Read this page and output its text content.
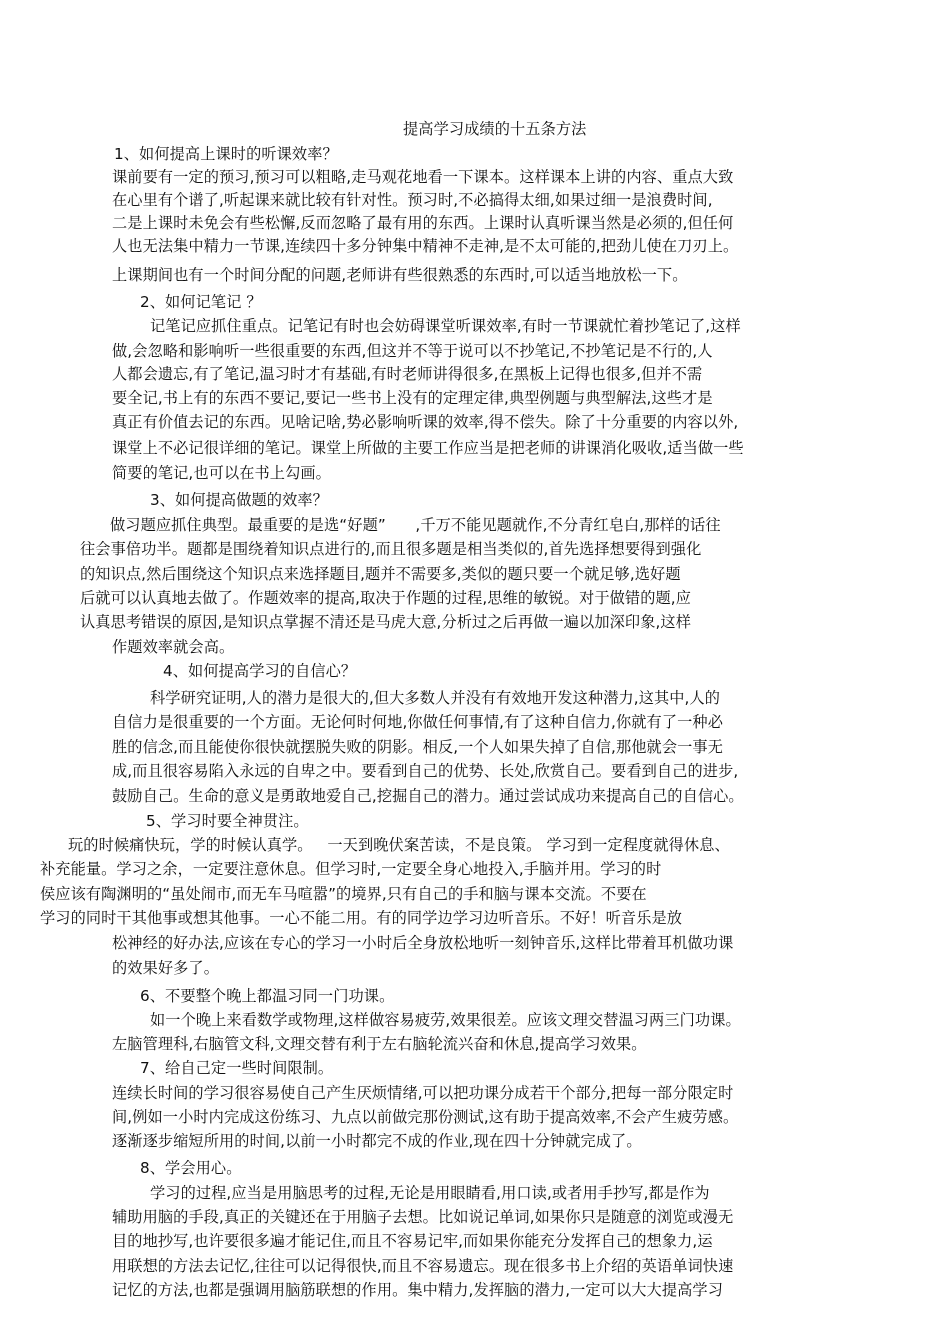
提高学习成绩的十五条方法
1、如何提高上课时的听课效率？
课前要有一定的预习,预习可以粗略,走马观花地看一下课本。这样课本上讲的内容、重点大致
在心里有个谱了,听起课来就比较有针对性。预习时,不必搞得太细,如果过细一是浪费时间,
二是上课时未免会有些松懈,反而忽略了最有用的东西。上课时认真听课当然是必须的,但任何
人也无法集中精力一节课,连续四十多分钟集中精神不走神,是不太可能的,把劲儿使在刀刃上。
上课期间也有一个时间分配的问题,老师讲有些很熟悉的东西时,可以适当地放松一下。
2、如何记笔记 ？
记笔记应抓住重点。记笔记有时也会妨碍课堂听课效率,有时一节课就忙着抄笔记了,这样
做,会忽略和影响听一些很重要的东西,但这并不等于说可以不抄笔记,不抄笔记是不行的,人
人都会遗忘,有了笔记,温习时才有基础,有时老师讲得很多,在黑板上记得也很多,但并不需
要全记,书上有的东西不要记,要记一些书上没有的定理定律,典型例题与典型解法,这些才是
真正有价值去记的东西。见啥记啥,势必影响听课的效率,得不偿失。除了十分重要的内容以外,
课堂上不必记很详细的笔记。课堂上所做的主要工作应当是把老师的讲课消化吸收,适当做一些
简要的笔记,也可以在书上勾画。
3、如何提高做题的效率？
做习题应抓住典型。最重要的是选“好题”      ,千万不能见题就作,不分青红皂白,那样的话往
往会事倍功半。题都是围绕着知识点进行的,而且很多题是相当类似的,首先选择想要得到强化
的知识点,然后围绕这个知识点来选择题目,题并不需要多,类似的题只要一个就足够,选好题
后就可以认真地去做了。作题效率的提高,取决于作题的过程,思维的敏锐。对于做错的题,应
认真思考错误的原因,是知识点掌握不清还是马虎大意,分析过之后再做一遍以加深印象,这样
作题效率就会高。
4、如何提高学习的自信心？
科学研究证明,人的潜力是很大的,但大多数人并没有有效地开发这种潜力,这其中,人的
自信力是很重要的一个方面。无论何时何地,你做任何事情,有了这种自信力,你就有了一种必
胜的信念,而且能使你很快就摆脱失败的阴影。相反,一个人如果失掉了自信,那他就会一事无
成,而且很容易陷入永远的自卑之中。要看到自己的优势、长处,欣赏自己。要看到自己的进步,
鼓励自己。生命的意义是勇敢地爱自己,挖掘自己的潜力。通过尝试成功来提高自己的自信心。
5、学习时要全神贯注。
玩的时候痛快玩，学的时候认真学。   一天到晚伏案苦读，不是良策。 学习到一定程度就得休息、
补充能量。学习之余，一定要注意休息。但学习时,一定要全身心地投入,手脑并用。学习的时
侯应该有陶渊明的“虽处闹市,而无车马喧嚣”的境界,只有自己的手和脑与课本交流。不要在
学习的同时干其他事或想其他事。一心不能二用。有的同学边学习边听音乐。不好！听音乐是放
松神经的好办法,应该在专心的学习一小时后全身放松地听一刻钟音乐,这样比带着耳机做功课
的效果好多了。
6、不要整个晚上都温习同一门功课。
如一个晚上来看数学或物理,这样做容易疲劳,效果很差。应该文理交替温习两三门功课。
左脑管理科,右脑管文科,文理交替有利于左右脑轮流兴奋和休息,提高学习效果。
7、给自己定一些时间限制。
连续长时间的学习很容易使自己产生厌烦情绪,可以把功课分成若干个部分,把每一部分限定时
间,例如一小时内完成这份练习、九点以前做完那份测试,这有助于提高效率,不会产生疲劳感。
逐渐逐步缩短所用的时间,以前一小时都完不成的作业,现在四十分钟就完成了。
8、学会用心。
学习的过程,应当是用脑思考的过程,无论是用眼睛看,用口读,或者用手抄写,都是作为
辅助用脑的手段,真正的关键还在于用脑子去想。比如说记单词,如果你只是随意的浏览或漫无
目的地抄写,也许要很多遍才能记住,而且不容易记牢,而如果你能充分发挥自己的想象力,运
用联想的方法去记忆,往往可以记得很快,而且不容易遗忘。现在很多书上介绍的英语单词快速
记忆的方法,也都是强调用脑筋联想的作用。集中精力,发挥脑的潜力,一定可以大大提高学习
